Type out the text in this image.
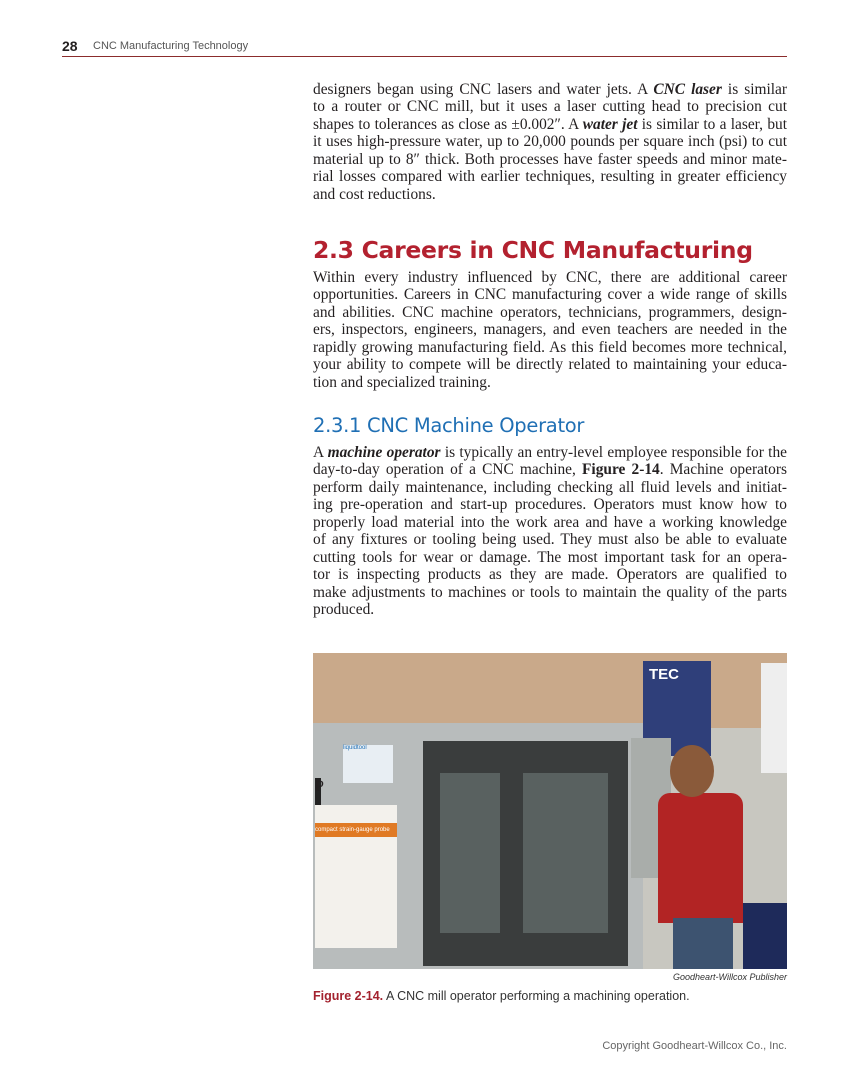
28 CNC Manufacturing Technology
designers began using CNC lasers and water jets. A CNC laser is similar
to a router or CNC mill, but it uses a laser cutting head to precision cut
shapes to tolerances as close as ±0.002″. A water jet is similar to a laser, but
it uses high-pressure water, up to 20,000 pounds per square inch (psi) to cut
material up to 8″ thick. Both processes have faster speeds and minor mate-
rial losses compared with earlier techniques, resulting in greater efficiency
and cost reductions.
2.3 Careers in CNC Manufacturing
Within every industry influenced by CNC, there are additional career
opportunities. Careers in CNC manufacturing cover a wide range of skills
and abilities. CNC machine operators, technicians, programmers, design-
ers, inspectors, engineers, managers, and even teachers are needed in the
rapidly growing manufacturing field. As this field becomes more technical,
your ability to compete will be directly related to maintaining your educa-
tion and specialized training.
2.3.1 CNC Machine Operator
A machine operator is typically an entry-level employee responsible for the
day-to-day operation of a CNC machine, Figure 2-14. Machine operators
perform daily maintenance, including checking all fluid levels and initiat-
ing pre-operation and start-up procedures. Operators must know how to
properly load material into the work area and have a working knowledge
of any fixtures or tooling being used. They must also be able to evaluate
cutting tools for wear or damage. The most important task for an opera-
tor is inspecting products as they are made. Operators are qualified to
make adjustments to machines or tools to maintain the quality of the parts
produced.
TEC
P
liquidtool
compact strain-gauge probe
Goodheart-Willcox Publisher
Figure 2-14. A CNC mill operator performing a machining operation.
Copyright Goodheart-Willcox Co., Inc.
